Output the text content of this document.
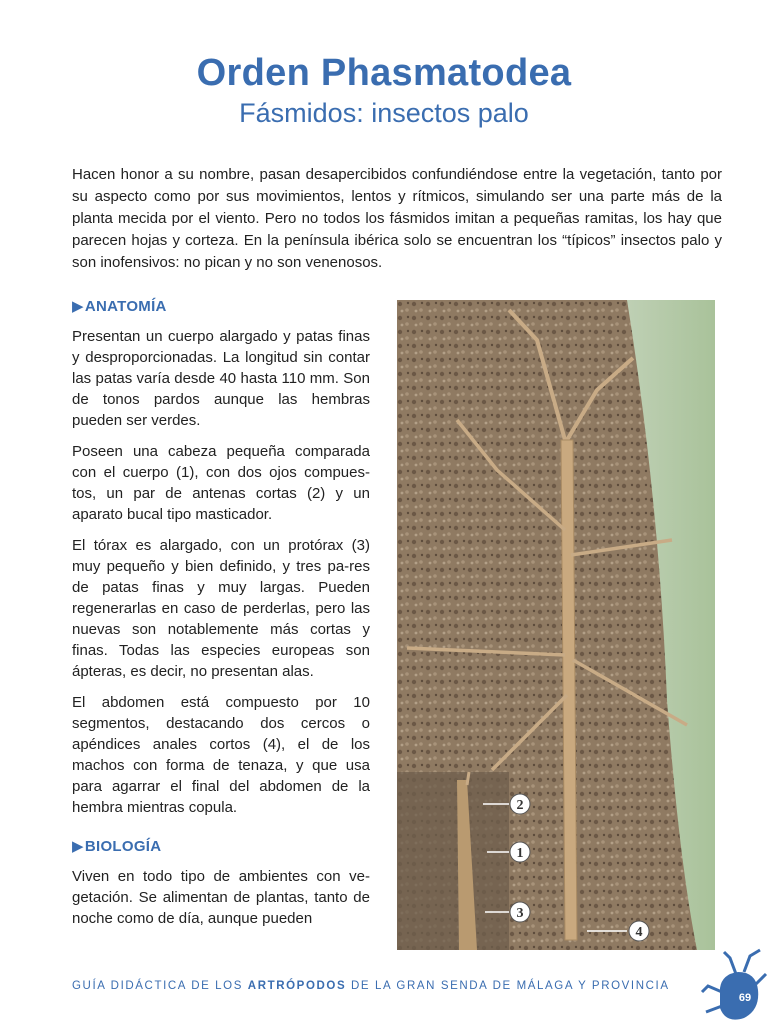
Orden Phasmatodea
Fásmidos: insectos palo
Hacen honor a su nombre, pasan desapercibidos confundiéndose entre la vegetación, tanto por su aspecto como por sus movimientos, lentos y rítmicos, simulando ser una parte más de la planta mecida por el viento. Pero no todos los fásmidos imitan a pequeñas ramitas, los hay que parecen hojas y corteza. En la península ibérica solo se encuentran los “típicos” insectos palo y son inofensivos: no pican y no son venenosos.
▶ANATOMÍA

Presentan un cuerpo alargado y patas finas y desproporcionadas. La longitud sin contar las patas varía desde 40 hasta 110 mm. Son de tonos pardos aunque las hembras pueden ser verdes.

Poseen una cabeza pequeña comparada con el cuerpo (1), con dos ojos compues-tos, un par de antenas cortas (2) y un aparato bucal tipo masticador.

El tórax es alargado, con un protórax (3) muy pequeño y bien definido, y tres pa-res de patas finas y muy largas. Pueden regenerarlas en caso de perderlas, pero las nuevas son notablemente más cortas y finas. Todas las especies europeas son ápteras, es decir, no presentan alas.

El abdomen está compuesto por 10 segmentos, destacando dos cercos o apéndices anales cortos (4), el de los machos con forma de tenaza, y que usa para agarrar el final del abdomen de la hembra mientras copula.

▶BIOLOGÍA

Viven en todo tipo de ambientes con ve-getación. Se alimentan de plantas, tanto de noche como de día, aunque pueden

2
1
3
4
GUÍA DIDÁCTICA DE LOS ARTRÓPODOS DE LA GRAN SENDA DE MÁLAGA Y PROVINCIA
69
